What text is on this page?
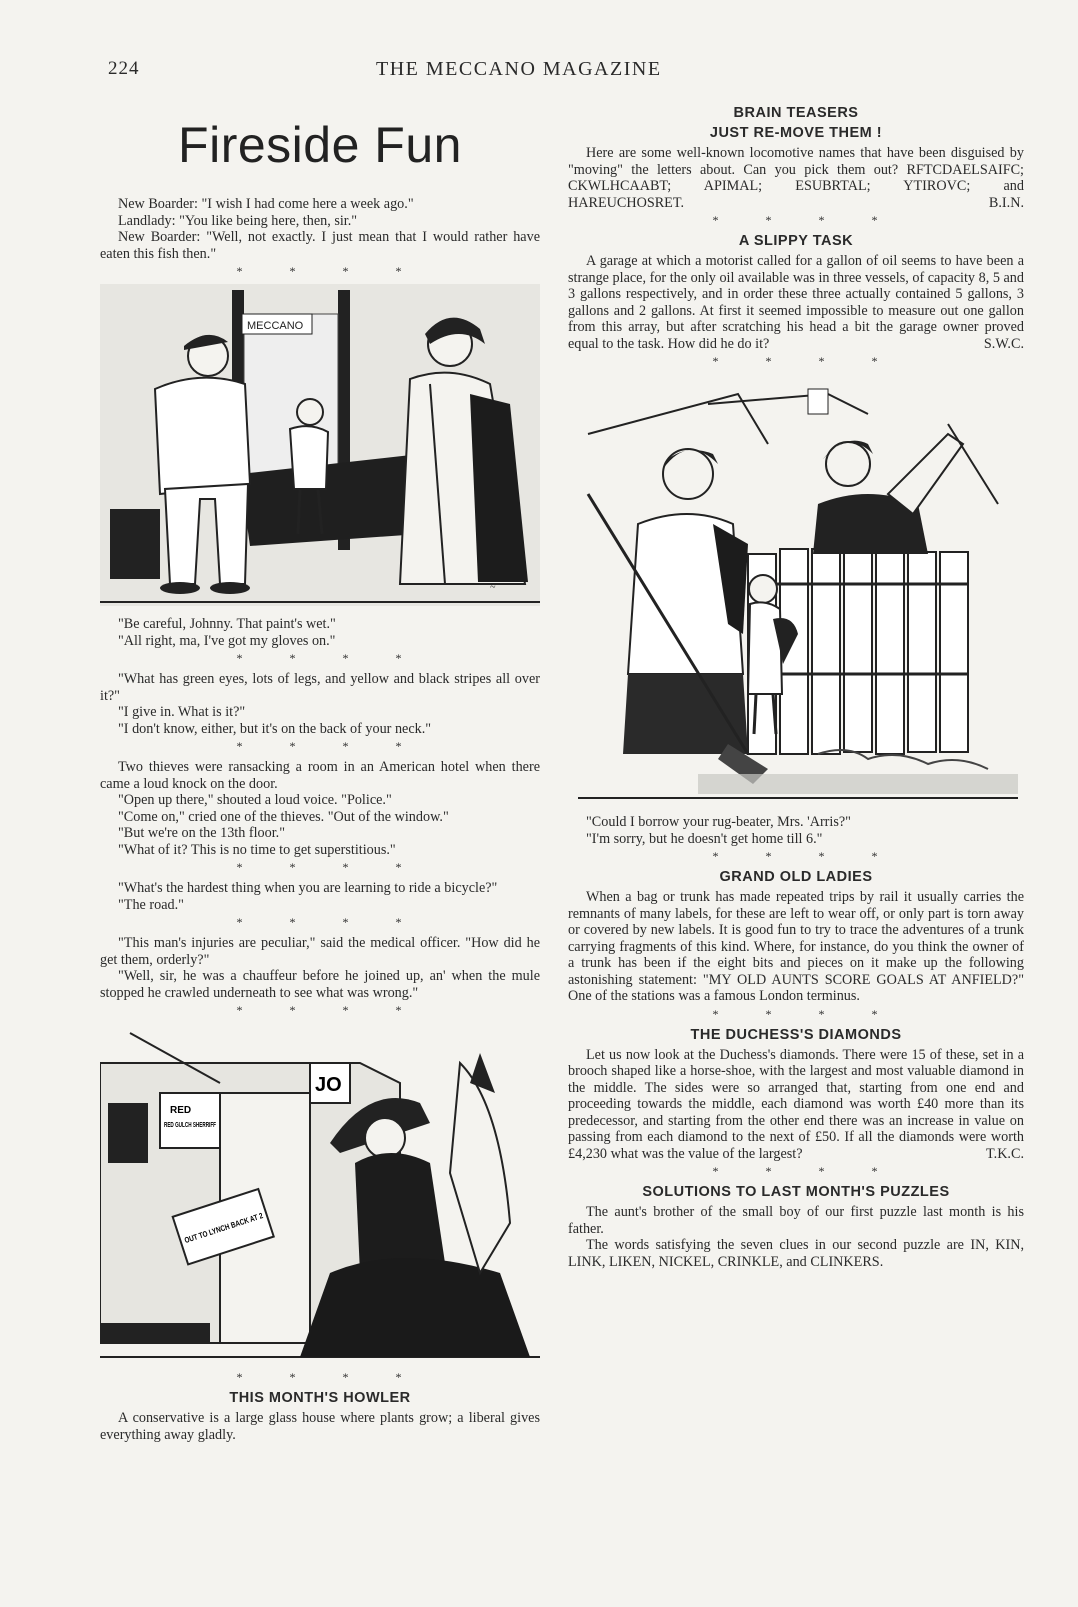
224	THE MECCANO MAGAZINE
Fireside Fun

New Boarder: "I wish I had come here a week ago."

Landlady: "You like being here, then, sir."

New Boarder: "Well, not exactly. I just mean that I would rather have eaten this fish then."

* * * *
MECCANO
~

"Be careful, Johnny. That paint's wet."

"All right, ma, I've got my gloves on."

* * * *

"What has green eyes, lots of legs, and yellow and black stripes all over it?"

"I give in. What is it?"

"I don't know, either, but it's on the back of your neck."

* * * *

Two thieves were ransacking a room in an American hotel when there came a loud knock on the door.

"Open up there," shouted a loud voice. "Police."

"Come on," cried one of the thieves. "Out of the window."

"But we're on the 13th floor."

"What of it? This is no time to get superstitious."

* * * *

"What's the hardest thing when you are learning to ride a bicycle?"

"The road."

* * * *

"This man's injuries are peculiar," said the medical officer. "How did he get them, orderly?"

"Well, sir, he was a chauffeur before he joined up, an' when the mule stopped he crawled underneath to see what was wrong."

* * * *
RED
RED GULCH SHERRIFF
JO
OUT TO LYNCH BACK AT 2
* * * *
THIS MONTH'S HOWLER

A conservative is a large glass house where plants grow; a liberal gives everything away gladly.

BRAIN TEASERS
JUST RE-MOVE THEM !

Here are some well-known locomotive names that have been disguised by "moving" the letters about. Can you pick them out? RFTCDAELSAIFC; CKWLHCAABT; APIMAL; ESUBRTAL; YTIROVC; and HAREUCHOSRET.	B.I.N.

* * * *
A SLIPPY TASK

A garage at which a motorist called for a gallon of oil seems to have been a strange place, for the only oil available was in three vessels, of capacity 8, 5 and 3 gallons respectively, and in order these three actually contained 5 gallons, 3 gallons and 2 gallons. At first it seemed impossible to measure out one gallon from this array, but after scratching his head a bit the garage owner proved equal to the task. How did he do it?	S.W.C.

* * * *

"Could I borrow your rug-beater, Mrs. 'Arris?"

"I'm sorry, but he doesn't get home till 6."

* * * *
GRAND OLD LADIES

When a bag or trunk has made repeated trips by rail it usually carries the remnants of many labels, for these are left to wear off, or only part is torn away or covered by new labels. It is good fun to try to trace the adventures of a trunk carrying fragments of this kind. Where, for instance, do you think the owner of a trunk has been if the eight bits and pieces on it make up the following astonishing statement: "MY OLD AUNTS SCORE GOALS AT ANFIELD?" One of the stations was a famous London terminus.

* * * *
THE DUCHESS'S DIAMONDS

Let us now look at the Duchess's diamonds. There were 15 of these, set in a brooch shaped like a horse-shoe, with the largest and most valuable diamond in the middle. The sides were so arranged that, starting from one end and proceeding towards the middle, each diamond was worth £40 more than its predecessor, and starting from the other end there was an increase in value on passing from each diamond to the next of £50. If all the diamonds were worth £4,230 what was the value of the largest?	T.K.C.

* * * *
SOLUTIONS TO LAST MONTH'S PUZZLES

The aunt's brother of the small boy of our first puzzle last month is his father.

The words satisfying the seven clues in our second puzzle are IN, KIN, LINK, LIKEN, NICKEL, CRINKLE, and CLINKERS.
